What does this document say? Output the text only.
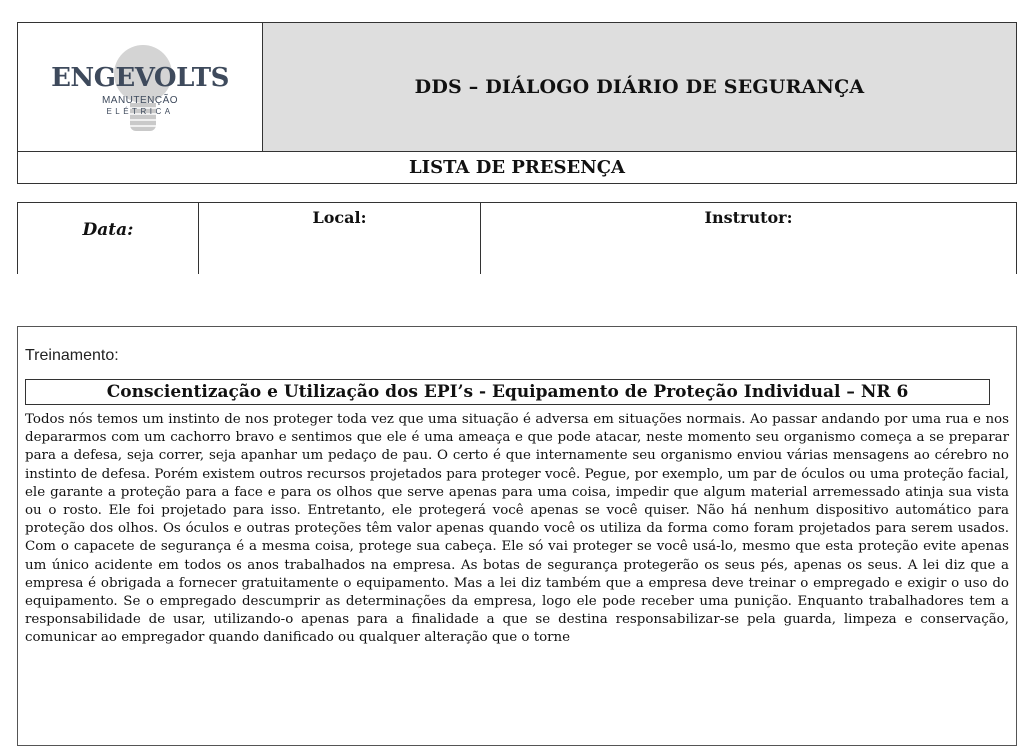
ENGEVOLTS
MANUTENÇÃO
ELÉTRICA
DDS – DIÁLOGO DIÁRIO DE SEGURANÇA
LISTA DE PRESENÇA
Data:
Local:	Instrutor:
Treinamento:
Conscientização e Utilização dos EPI’s - Equipamento de Proteção Individual – NR 6
Todos nós temos um instinto de nos proteger toda vez que uma situação é adversa em situações normais. Ao passar andando por uma rua e nos depararmos com um cachorro bravo e sentimos que ele é uma ameaça e que pode atacar, neste momento seu organismo começa a se preparar para a defesa, seja correr, seja apanhar um pedaço de pau. O certo é que internamente seu organismo enviou várias mensagens ao cérebro no instinto de defesa. Porém existem outros recursos projetados para proteger você. Pegue, por exemplo, um par de óculos ou uma proteção facial, ele garante a proteção para a face e para os olhos que serve apenas para uma coisa, impedir que algum material arremessado atinja sua vista ou o rosto. Ele foi projetado para isso. Entretanto, ele protegerá você apenas se você quiser. Não há nenhum dispositivo automático para proteção dos olhos. Os óculos e outras proteções têm valor apenas quando você os utiliza da forma como foram projetados para serem usados. Com o capacete de segurança é a mesma coisa, protege sua cabeça. Ele só vai proteger se você usá-lo, mesmo que esta proteção evite apenas um único acidente em todos os anos trabalhados na empresa. As botas de segurança protegerão os seus pés, apenas os seus. A lei diz que a empresa é obrigada a fornecer gratuitamente o equipamento. Mas a lei diz também que a empresa deve treinar o empregado e exigir o uso do equipamento. Se o empregado descumprir as determinações da empresa, logo ele pode receber uma punição. Enquanto trabalhadores tem a responsabilidade de usar, utilizando-o apenas para a finalidade a que se destina responsabilizar-se pela guarda, limpeza e conservação, comunicar ao empregador quando danificado ou qualquer alteração que o torne
